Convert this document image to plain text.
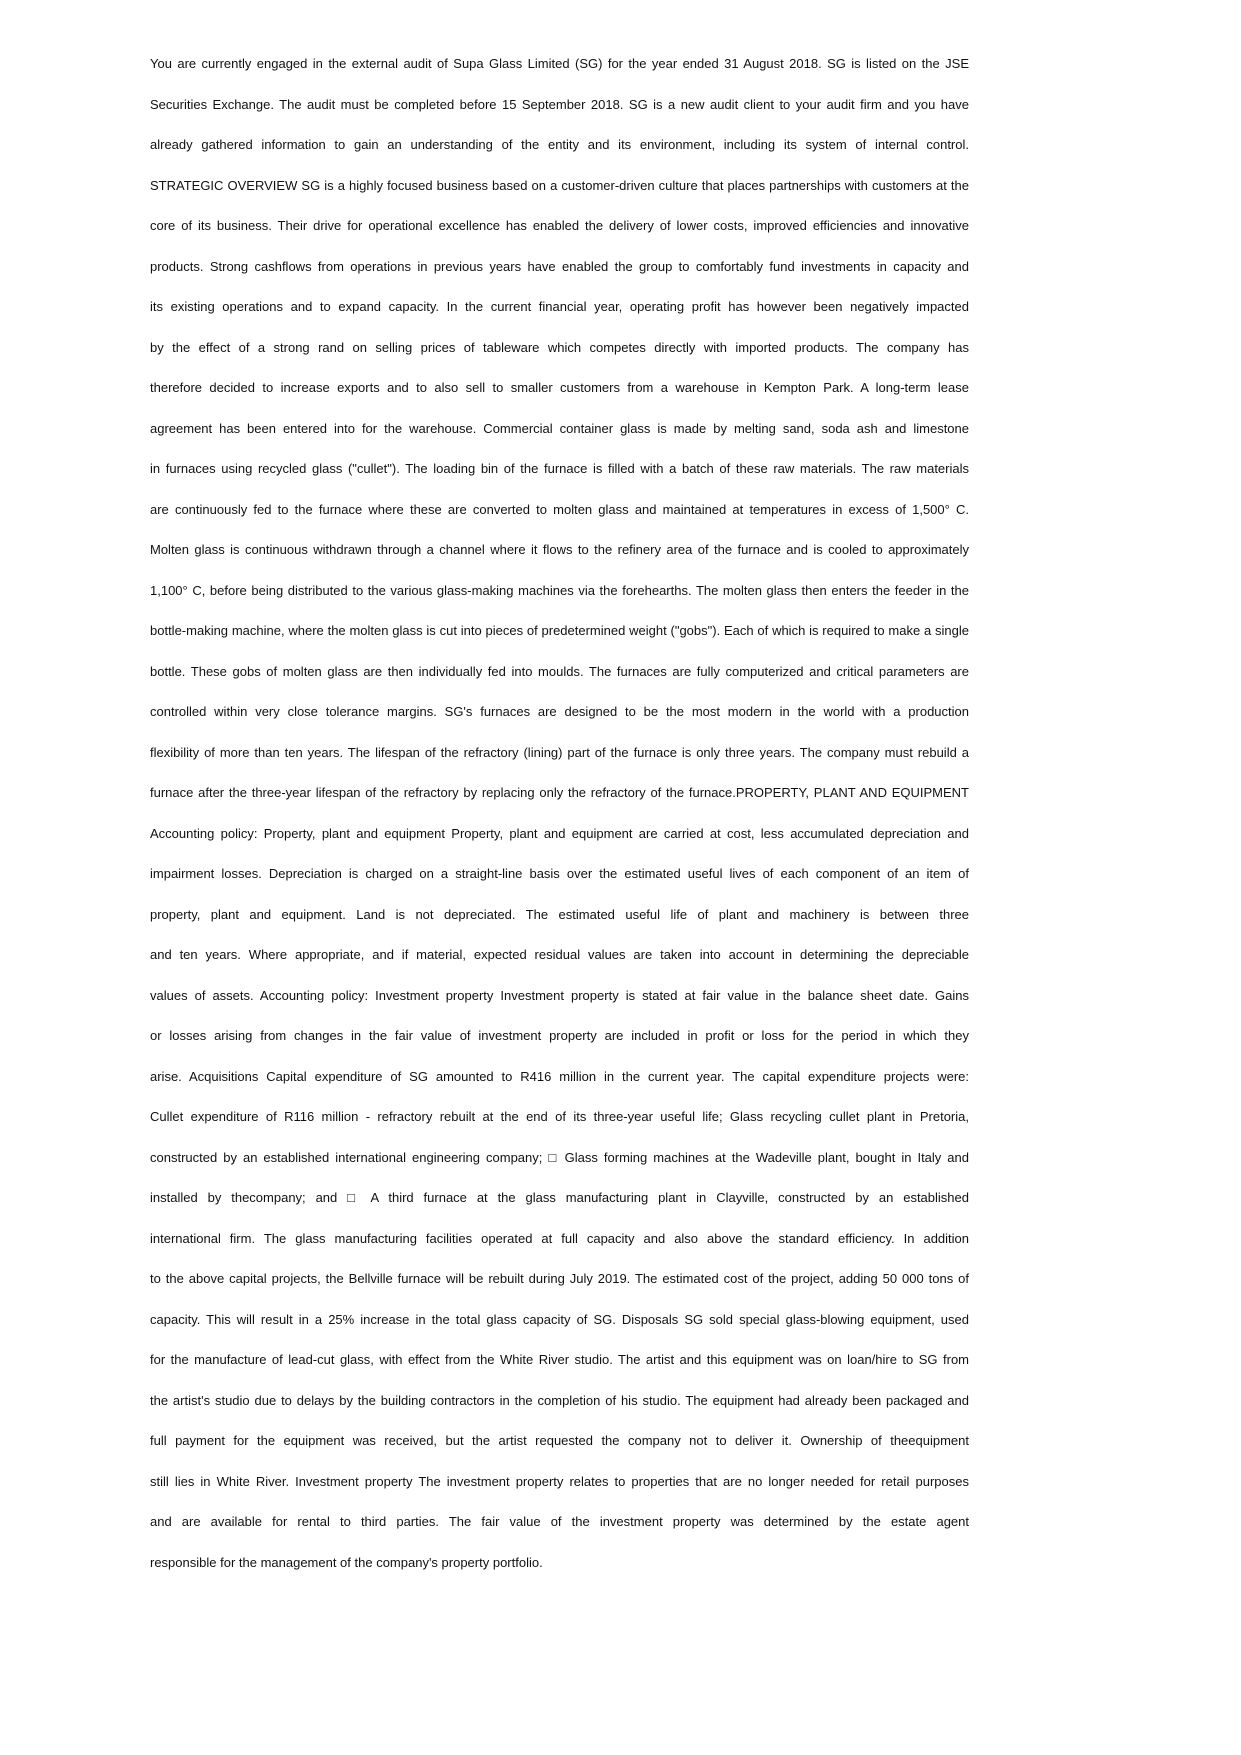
You are currently engaged in the external audit of Supa Glass Limited (SG) for the year ended 31 August 2018. SG is listed on the JSE
Securities Exchange. The audit must be completed before 15 September 2018. SG is a new audit client to your audit firm and you have
already gathered information to gain an understanding of the entity and its environment, including its system of internal control.
STRATEGIC OVERVIEW SG is a highly focused business based on a customer-driven culture that places partnerships with customers at the
core of its business. Their drive for operational excellence has enabled the delivery of lower costs, improved efficiencies and innovative
products. Strong cashflows from operations in previous years have enabled the group to comfortably fund investments in capacity and
its existing operations and to expand capacity. In the current financial year, operating profit has however been negatively impacted
by the effect of a strong rand on selling prices of tableware which competes directly with imported products. The company has
therefore decided to increase exports and to also sell to smaller customers from a warehouse in Kempton Park. A long-term lease
agreement has been entered into for the warehouse. Commercial container glass is made by melting sand, soda ash and limestone
in furnaces using recycled glass ("cullet"). The loading bin of the furnace is filled with a batch of these raw materials. The raw materials
are continuously fed to the furnace where these are converted to molten glass and maintained at temperatures in excess of 1,500° C.
Molten glass is continuous withdrawn through a channel where it flows to the refinery area of the furnace and is cooled to approximately
1,100° C, before being distributed to the various glass-making machines via the forehearths. The molten glass then enters the feeder in the
bottle-making machine, where the molten glass is cut into pieces of predetermined weight ("gobs"). Each of which is required to make a single
bottle. These gobs of molten glass are then individually fed into moulds. The furnaces are fully computerized and critical parameters are
controlled within very close tolerance margins. SG's furnaces are designed to be the most modern in the world with a production
flexibility of more than ten years. The lifespan of the refractory (lining) part of the furnace is only three years. The company must rebuild a
furnace after the three-year lifespan of the refractory by replacing only the refractory of the furnace.PROPERTY, PLANT AND EQUIPMENT
Accounting policy: Property, plant and equipment Property, plant and equipment are carried at cost, less accumulated depreciation and
impairment losses. Depreciation is charged on a straight-line basis over the estimated useful lives of each component of an item of
property, plant and equipment. Land is not depreciated. The estimated useful life of plant and machinery is between three
and ten years. Where appropriate, and if material, expected residual values are taken into account in determining the depreciable
values of assets. Accounting policy: Investment property Investment property is stated at fair value in the balance sheet date. Gains
or losses arising from changes in the fair value of investment property are included in profit or loss for the period in which they
arise. Acquisitions Capital expenditure of SG amounted to R416 million in the current year. The capital expenditure projects were:
Cullet expenditure of R116 million - refractory rebuilt at the end of its three-year useful life; Glass recycling cullet plant in Pretoria,
constructed by an established international engineering company; □ Glass forming machines at the Wadeville plant, bought in Italy and
installed by thecompany; and □ A third furnace at the glass manufacturing plant in Clayville, constructed by an established
international firm. The glass manufacturing facilities operated at full capacity and also above the standard efficiency. In addition
to the above capital projects, the Bellville furnace will be rebuilt during July 2019. The estimated cost of the project, adding 50 000 tons of
capacity. This will result in a 25% increase in the total glass capacity of SG. Disposals SG sold special glass-blowing equipment, used
for the manufacture of lead-cut glass, with effect from the White River studio. The artist and this equipment was on loan/hire to SG from
the artist's studio due to delays by the building contractors in the completion of his studio. The equipment had already been packaged and
full payment for the equipment was received, but the artist requested the company not to deliver it. Ownership of theequipment
still lies in White River. Investment property The investment property relates to properties that are no longer needed for retail purposes
and are available for rental to third parties. The fair value of the investment property was determined by the estate agent
responsible for the management of the company's property portfolio.
